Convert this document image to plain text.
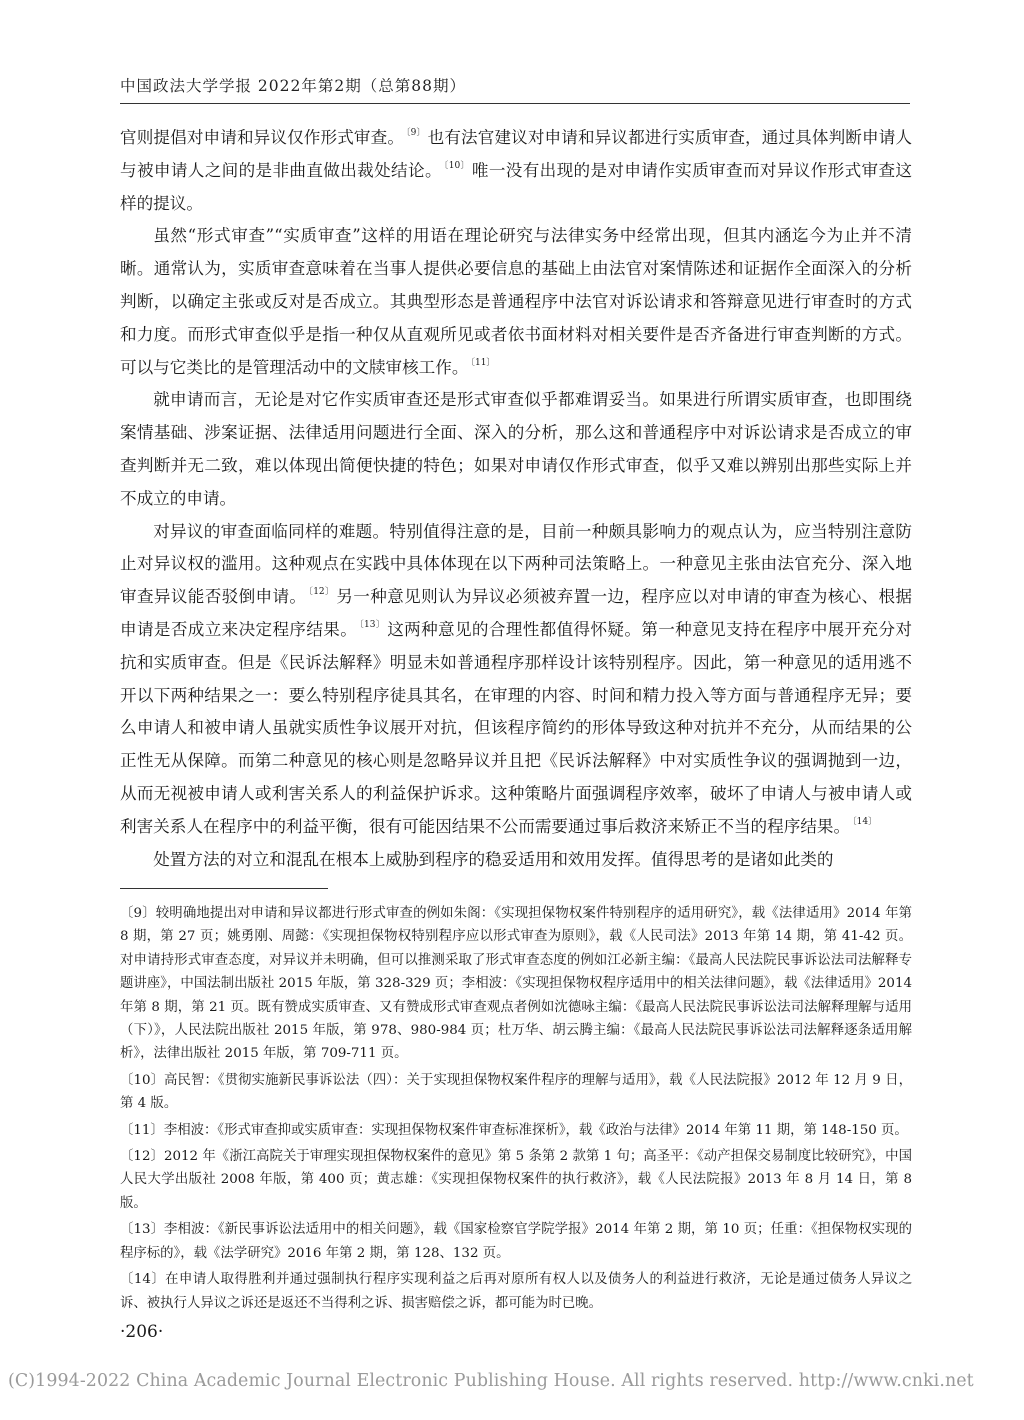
中国政法大学学报 2022年第2期（总第88期）

官则提倡对申请和异议仅作形式审查。 $^{〔9〕}$ 也有法官建议对申请和异议都进行实质审查，通过具体判断申请人与被申请人之间的是非曲直做出裁处结论。 $^{〔10〕}$ 唯一没有出现的是对申请作实质审查而对异议作形式审查这样的提议。

虽然“形式审查”“实质审查”这样的用语在理论研究与法律实务中经常出现，但其内涵迄今为止并不清晰。通常认为，实质审查意味着在当事人提供必要信息的基础上由法官对案情陈述和证据作全面深入的分析判断，以确定主张或反对是否成立。其典型形态是普通程序中法官对诉讼请求和答辩意见进行审查时的方式和力度。而形式审查似乎是指一种仅从直观所见或者依书面材料对相关要件是否齐备进行审查判断的方式。可以与它类比的是管理活动中的文牍审核工作。 $^{〔11〕}$

就申请而言，无论是对它作实质审查还是形式审查似乎都难谓妥当。如果进行所谓实质审查，也即围绕案情基础、涉案证据、法律适用问题进行全面、深入的分析，那么这和普通程序中对诉讼请求是否成立的审查判断并无二致，难以体现出简便快捷的特色；如果对申请仅作形式审查，似乎又难以辨别出那些实际上并不成立的申请。

对异议的审查面临同样的难题。特别值得注意的是，目前一种颇具影响力的观点认为，应当特别注意防止对异议权的滥用。这种观点在实践中具体体现在以下两种司法策略上。一种意见主张由法官充分、深入地审查异议能否驳倒申请。 $^{〔12〕}$ 另一种意见则认为异议必须被弃置一边，程序应以对申请的审查为核心、根据申请是否成立来决定程序结果。 $^{〔13〕}$ 这两种意见的合理性都值得怀疑。第一种意见支持在程序中展开充分对抗和实质审查。但是《民诉法解释》明显未如普通程序那样设计该特别程序。因此，第一种意见的适用逃不开以下两种结果之一：要么特别程序徒具其名，在审理的内容、时间和精力投入等方面与普通程序无异；要么申请人和被申请人虽就实质性争议展开对抗，但该程序简约的形体导致这种对抗并不充分，从而结果的公正性无从保障。而第二种意见的核心则是忽略异议并且把《民诉法解释》中对实质性争议的强调抛到一边，从而无视被申请人或利害关系人的利益保护诉求。这种策略片面强调程序效率，破坏了申请人与被申请人或利害关系人在程序中的利益平衡，很有可能因结果不公而需要通过事后救济来矫正不当的程序结果。 $^{〔14〕}$

处置方法的对立和混乱在根本上威胁到程序的稳妥适用和效用发挥。值得思考的是诸如此类的

〔9〕较明确地提出对申请和异议都进行形式审查的例如朱阁：《实现担保物权案件特别程序的适用研究》，载《法律适用》2014 年第 8 期，第 27 页；姚勇刚、周懿：《实现担保物权特别程序应以形式审查为原则》，载《人民司法》2013 年第 14 期，第 41-42 页。对申请持形式审查态度，对异议并未明确，但可以推测采取了形式审查态度的例如江必新主编：《最高人民法院民事诉讼法司法解释专题讲座》，中国法制出版社 2015 年版，第 328-329 页；李相波：《实现担保物权程序适用中的相关法律问题》，载《法律适用》2014 年第 8 期，第 21 页。既有赞成实质审查、又有赞成形式审查观点者例如沈德咏主编：《最高人民法院民事诉讼法司法解释理解与适用（下）》，人民法院出版社 2015 年版，第 978、980-984 页；杜万华、胡云腾主编：《最高人民法院民事诉讼法司法解释逐条适用解析》，法律出版社 2015 年版，第 709-711 页。

〔10〕高民智：《贯彻实施新民事诉讼法（四）：关于实现担保物权案件程序的理解与适用》，载《人民法院报》2012 年 12 月 9 日，第 4 版。

〔11〕李相波：《形式审查抑或实质审查：实现担保物权案件审查标准探析》，载《政治与法律》2014 年第 11 期，第 148-150 页。

〔12〕2012 年《浙江高院关于审理实现担保物权案件的意见》第 5 条第 2 款第 1 句；高圣平：《动产担保交易制度比较研究》，中国人民大学出版社 2008 年版，第 400 页；黄志雄：《实现担保物权案件的执行救济》，载《人民法院报》2013 年 8 月 14 日，第 8 版。

〔13〕李相波：《新民事诉讼法适用中的相关问题》，载《国家检察官学院学报》2014 年第 2 期，第 10 页；任重：《担保物权实现的程序标的》，载《法学研究》2016 年第 2 期，第 128、132 页。

〔14〕在申请人取得胜利并通过强制执行程序实现利益之后再对原所有权人以及债务人的利益进行救济，无论是通过债务人异议之诉、被执行人异议之诉还是返还不当得利之诉、损害赔偿之诉，都可能为时已晚。

·206·
(C)1994-2022 China Academic Journal Electronic Publishing House. All rights reserved. http://www.cnki.net
